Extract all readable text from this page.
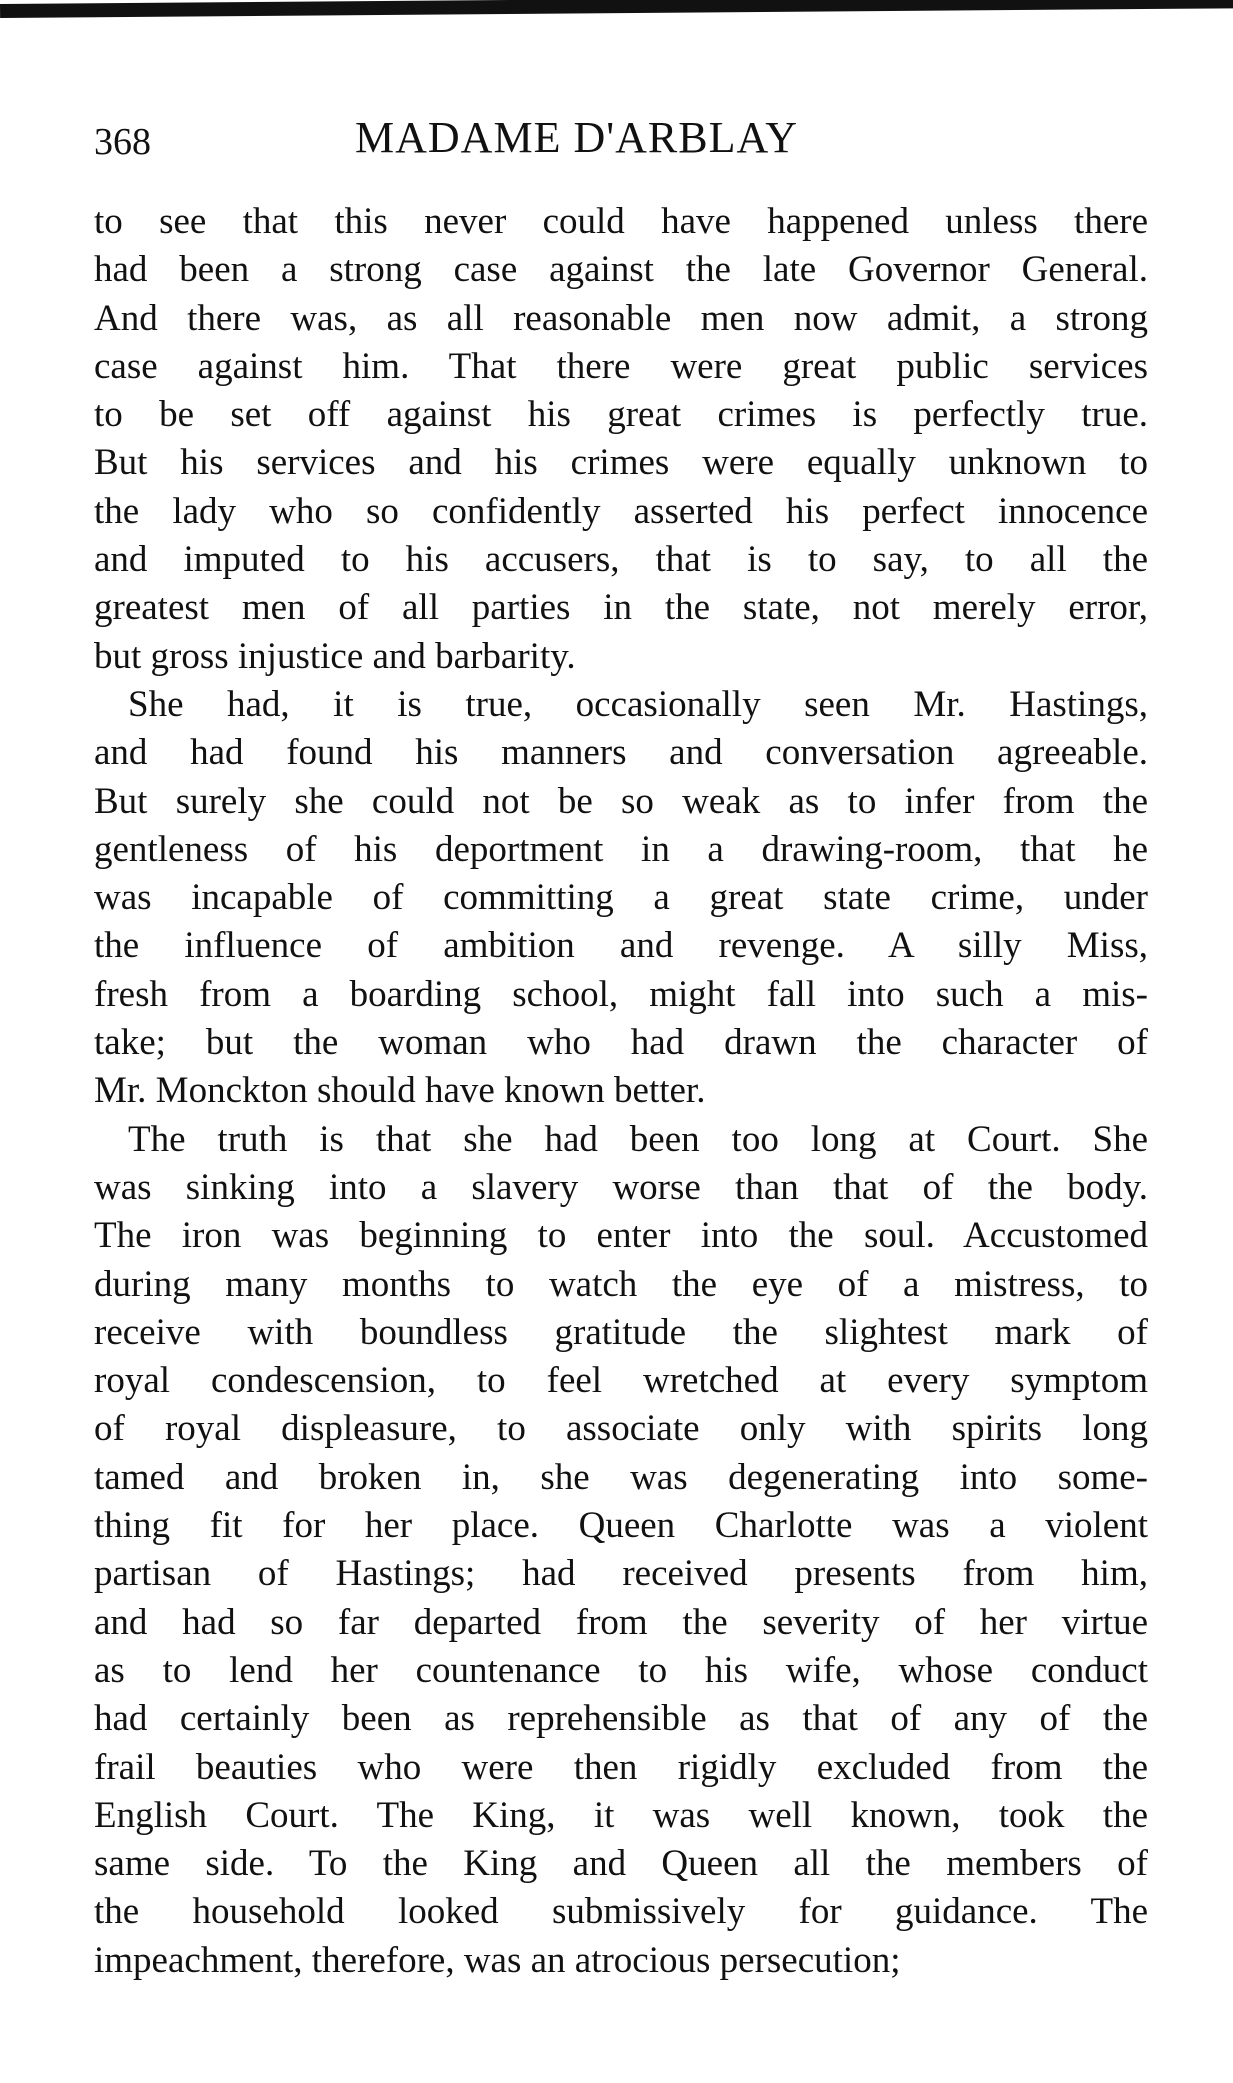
368	MADAME D'ARBLAY
to see that this never could have happened unless there
had been a strong case against the late Governor General.
And there was, as all reasonable men now admit, a strong
case against him. That there were great public services
to be set off against his great crimes is perfectly true.
But his services and his crimes were equally unknown to
the lady who so confidently asserted his perfect innocence
and imputed to his accusers, that is to say, to all the
greatest men of all parties in the state, not merely error,
but gross injustice and barbarity.
She had, it is true, occasionally seen Mr. Hastings,
and had found his manners and conversation agreeable.
But surely she could not be so weak as to infer from the
gentleness of his deportment in a drawing-room, that he
was incapable of committing a great state crime, under
the influence of ambition and revenge. A silly Miss,
fresh from a boarding school, might fall into such a mis-
take; but the woman who had drawn the character of
Mr. Monckton should have known better.
The truth is that she had been too long at Court. She
was sinking into a slavery worse than that of the body.
The iron was beginning to enter into the soul. Accustomed
during many months to watch the eye of a mistress, to
receive with boundless gratitude the slightest mark of
royal condescension, to feel wretched at every symptom
of royal displeasure, to associate only with spirits long
tamed and broken in, she was degenerating into some-
thing fit for her place. Queen Charlotte was a violent
partisan of Hastings; had received presents from him,
and had so far departed from the severity of her virtue
as to lend her countenance to his wife, whose conduct
had certainly been as reprehensible as that of any of the
frail beauties who were then rigidly excluded from the
English Court. The King, it was well known, took the
same side. To the King and Queen all the members of
the household looked submissively for guidance. The
impeachment, therefore, was an atrocious persecution;
